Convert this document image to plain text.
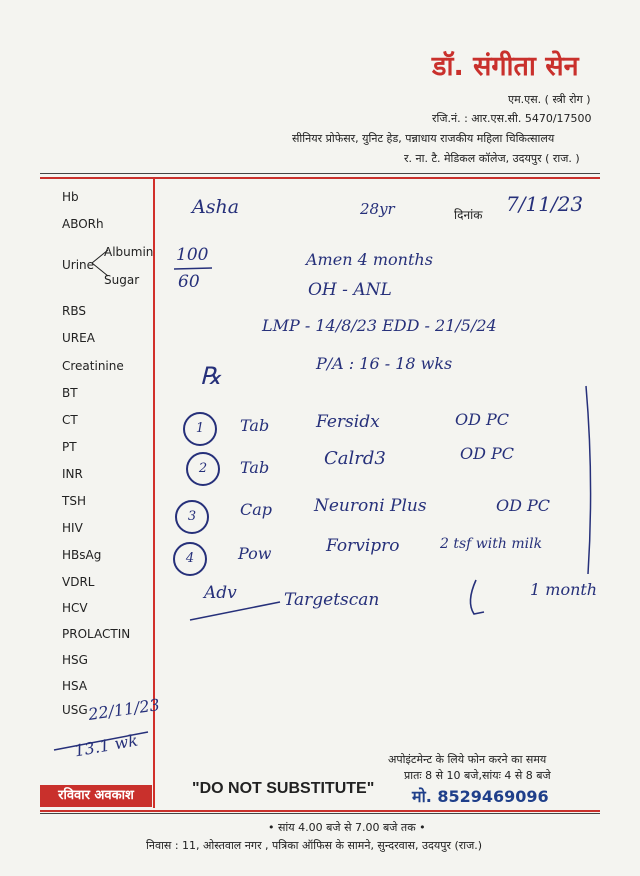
डॉ. संगीता सेन
एम.एस. ( स्त्री रोग )
रजि.नं. : आर.एस.सी. 5470/17500
सीनियर प्रोफेसर, युनिट हेड, पन्नाधाय राजकीय महिला चिकित्सालय
र. ना. टै. मेडिकल कॉलेज, उदयपुर ( राज. )
Hb
ABORh
Urine
Albumin
Sugar
RBS
UREA
Creatinine
BT
CT
PT
INR
TSH
HIV
HBsAg
VDRL
HCV
PROLACTIN
HSG
HSA
USG 22/11/23
13.1 wk
Asha	28yr	दिनांक 7/11/23
100
60
Amen 4 months
OH - ANL
LMP - 14/8/23 EDD - 21/5/24
P/A : 16 - 18 wks
℞
1	Tab	Fersidx	OD PC
2	Tab	Calrd3	OD PC
3	Cap Neuroni Plus	OD PC
4	Pow	Forvipro	2 tsf with milk
Adv	Targetscan
1 month
अपोइंटमेन्ट के लिये फोन करने का समय
प्रातः 8 से 10 बजे,सांयः 4 से 8 बजे
रविवार अवकाश	"DO NOT SUBSTITUTE" मो. 8529469096
• सांय 4.00 बजे से 7.00 बजे तक •
निवास : 11, ओस्तवाल नगर , पत्रिका ऑफिस के सामने, सुन्दरवास, उदयपुर (राज.)
